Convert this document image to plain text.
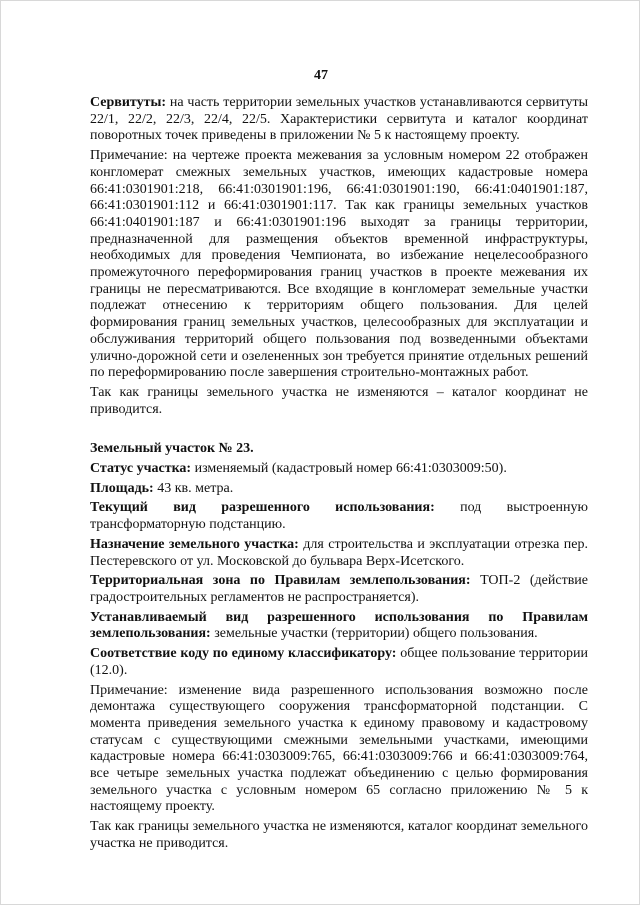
47

Сервитуты: на часть территории земельных участков устанавливаются сервитуты 22/1, 22/2, 22/3, 22/4, 22/5. Характеристики сервитута и каталог координат поворотных точек приведены в приложении № 5 к настоящему проекту.

Примечание: на чертеже проекта межевания за условным номером 22 отображен конгломерат смежных земельных участков, имеющих кадастровые номера 66:41:0301901:218, 66:41:0301901:196, 66:41:0301901:190, 66:41:0401901:187, 66:41:0301901:112 и 66:41:0301901:117. Так как границы земельных участков 66:41:0401901:187 и 66:41:0301901:196 выходят за границы территории, предназначенной для размещения объектов временной инфраструктуры, необходимых для проведения Чемпионата, во избежание нецелесообразного промежуточного переформирования границ участков в проекте межевания их границы не пересматриваются. Все входящие в конгломерат земельные участки подлежат отнесению к территориям общего пользования. Для целей формирования границ земельных участков, целесообразных для эксплуатации и обслуживания территорий общего пользования под возведенными объектами улично-дорожной сети и озелененных зон требуется принятие отдельных решений по переформированию после завершения строительно-монтажных работ.

Так как границы земельного участка не изменяются – каталог координат не приводится.

Земельный участок № 23.

Статус участка: изменяемый (кадастровый номер 66:41:0303009:50).

Площадь: 43 кв. метра.

Текущий вид разрешенного использования: под выстроенную трансформаторную подстанцию.

Назначение земельного участка: для строительства и эксплуатации отрезка пер. Пестеревского от ул. Московской до бульвара Верх-Исетского.

Территориальная зона по Правилам землепользования: ТОП-2 (действие градостроительных регламентов не распространяется).

Устанавливаемый вид разрешенного использования по Правилам землепользования: земельные участки (территории) общего пользования.

Соответствие коду по единому классификатору: общее пользование территории (12.0).

Примечание: изменение вида разрешенного использования возможно после демонтажа существующего сооружения трансформаторной подстанции. С момента приведения земельного участка к единому правовому и кадастровому статусам с существующими смежными земельными участками, имеющими кадастровые номера 66:41:0303009:765, 66:41:0303009:766 и 66:41:0303009:764, все четыре земельных участка подлежат объединению с целью формирования земельного участка с условным номером 65 согласно приложению № 5 к настоящему проекту.

Так как границы земельного участка не изменяются, каталог координат земельного участка не приводится.
